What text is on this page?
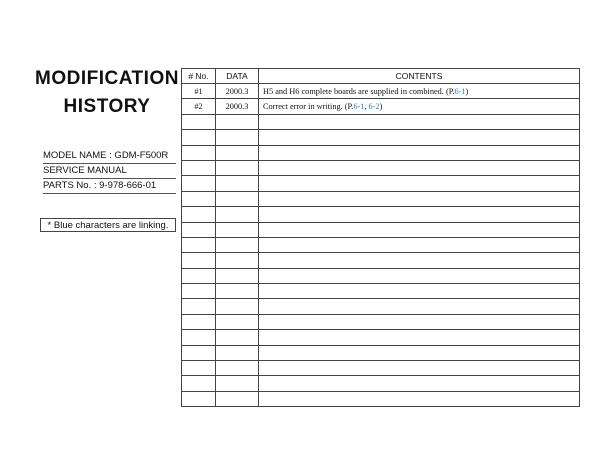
MODIFICATION
HISTORY
MODEL NAME : GDM-F500R
SERVICE MANUAL
PARTS No. : 9-978-666-01
* Blue characters are linking.
# No.	DATA	CONTENTS
#1	2000.3	H5 and H6 complete boards are supplied in combined. (P.6-1)
#2	2000.3	Correct error in writing. (P.6-1, 6-2)
